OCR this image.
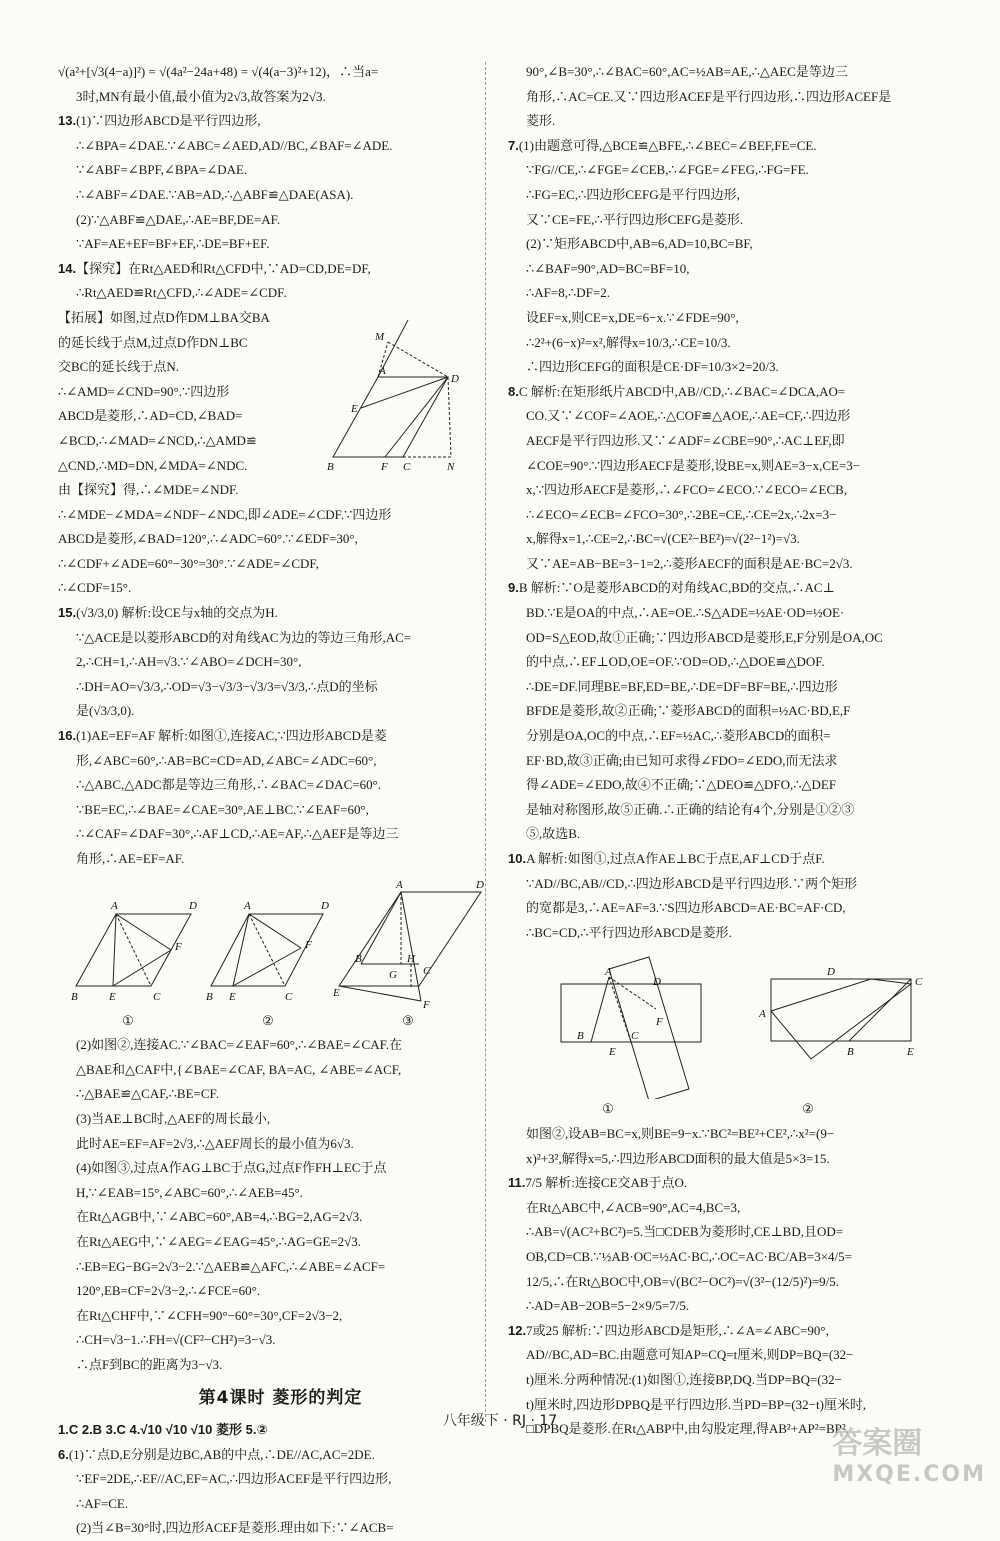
√(a²+[√3(4−a)]²) = √(4a²−24a+48) = √(4(a−3)²+12)，∴当a=

3时,MN有最小值,最小值为2√3,故答案为2√3.

13.(1)∵四边形ABCD是平行四边形,

∴∠BPA=∠DAE.∵∠ABC=∠AED,AD//BC,∠BAF=∠ADE.

∵∠ABF=∠BPF,∠BPA=∠DAE.

∴∠ABF=∠DAE.∵AB=AD,∴△ABF≌△DAE(ASA).

(2)∵△ABF≌△DAE,∴AE=BF,DE=AF.

∵AF=AE+EF=BF+EF,∴DE=BF+EF.

14.【探究】在Rt△AED和Rt△CFD中,∵AD=CD,DE=DF,

∴Rt△AED≌Rt△CFD,∴∠ADE=∠CDF.

M
A
D
E
B	F C	N

【拓展】如图,过点D作DM⊥BA交BA

的延长线于点M,过点D作DN⊥BC

交BC的延长线于点N.

∴∠AMD=∠CND=90°.∵四边形

ABCD是菱形,∴AD=CD,∠BAD=

∠BCD,∴∠MAD=∠NCD,∴△AMD≌

△CND,∴MD=DN,∠MDA=∠NDC.

由【探究】得,∴∠MDE=∠NDF.

∴∠MDE−∠MDA=∠NDF−∠NDC,即∠ADE=∠CDF.∵四边形

ABCD是菱形,∠BAD=120°,∴∠ADC=60°.∵∠EDF=30°,

∴∠CDF+∠ADE=60°−30°=30°.∵∠ADE=∠CDF,

∴∠CDF=15°.

15.(√3/3,0) 解析:设CE与x轴的交点为H.

∵△ACE是以菱形ABCD的对角线AC为边的等边三角形,AC=

2,∴CH=1,∴AH=√3.∵∠ABO=∠DCH=30°,

∴DH=AO=√3/3,∴OD=√3−√3/3−√3/3=√3/3,∴点D的坐标

是(√3/3,0).

16.(1)AE=EF=AF 解析:如图①,连接AC,∵四边形ABCD是菱

形,∠ABC=60°,∴AB=BC=CD=AD,∠ABC=∠ADC=60°,

∴△ABC,△ADC都是等边三角形,∴∠BAC=∠DAC=60°.

∵BE=EC,∴∠BAE=∠CAE=30°,AE⊥BC.∵∠EAF=60°,

∴∠CAF=∠DAF=30°,∴AF⊥CD,∴AE=AF,∴△AEF是等边三

角形,∴AE=EF=AF.

A	D
B	E	C
F
A	D
B E	C
F
A	D
E
B
G
H
C
F
①	②	③

(2)如图②,连接AC.∵∠BAC=∠EAF=60°,∴∠BAE=∠CAF.在

△BAE和△CAF中,{∠BAE=∠CAF, BA=AC, ∠ABE=∠ACF,

∴△BAE≌△CAF,∴BE=CF.

(3)当AE⊥BC时,△AEF的周长最小,

此时AE=EF=AF=2√3,∴△AEF周长的最小值为6√3.

(4)如图③,过点A作AG⊥BC于点G,过点F作FH⊥EC于点

H,∵∠EAB=15°,∠ABC=60°,∴∠AEB=45°.

在Rt△AGB中,∵∠ABC=60°,AB=4,∴BG=2,AG=2√3.

在Rt△AEG中,∵∠AEG=∠EAG=45°,∴AG=GE=2√3.

∴EB=EG−BG=2√3−2.∵△AEB≌△AFC,∴∠ABE=∠ACF=

120°,EB=CF=2√3−2,∴∠FCE=60°.

在Rt△CHF中,∵∠CFH=90°−60°=30°,CF=2√3−2,

∴CH=√3−1.∴FH=√(CF²−CH²)=3−√3.

∴点F到BC的距离为3−√3.

第4课时 菱形的判定

1.C 2.B 3.C 4.√10 √10 √10 菱形 5.②

6.(1)∵点D,E分别是边BC,AB的中点,∴DE//AC,AC=2DE.

∵EF=2DE,∴EF//AC,EF=AC,∴四边形ACEF是平行四边形,

∴AF=CE.

(2)当∠B=30°时,四边形ACEF是菱形.理由如下:∵∠ACB=

90°,∠B=30°,∴∠BAC=60°,AC=½AB=AE,∴△AEC是等边三

角形,∴AC=CE.又∵四边形ACEF是平行四边形,∴四边形ACEF是

菱形.

7.(1)由题意可得,△BCE≌△BFE,∴∠BEC=∠BEF,FE=CE.

∵FG//CE,∴∠FGE=∠CEB,∴∠FGE=∠FEG,∴FG=FE.

∴FG=EC,∴四边形CEFG是平行四边形,

又∵CE=FE,∴平行四边形CEFG是菱形.

(2)∵矩形ABCD中,AB=6,AD=10,BC=BF,

∴∠BAF=90°,AD=BC=BF=10,

∴AF=8,∴DF=2.

设EF=x,则CE=x,DE=6−x.∵∠FDE=90°,

∴2²+(6−x)²=x²,解得x=10/3,∴CE=10/3.

∴四边形CEFG的面积是CE·DF=10/3×2=20/3.

8.C 解析:在矩形纸片ABCD中,AB//CD,∴∠BAC=∠DCA,AO=

CO.又∵∠COF=∠AOE,∴△COF≌△AOE,∴AE=CF,∴四边形

AECF是平行四边形.又∵∠ADF=∠CBE=90°,∴AC⊥EF,即

∠COE=90°.∵四边形AECF是菱形,设BE=x,则AE=3−x,CE=3−

x,∵四边形AECF是菱形,∴∠FCO=∠ECO.∵∠ECO=∠ECB,

∴∠ECO=∠ECB=∠FCO=30°,∴2BE=CE,∴CE=2x,∴2x=3−

x,解得x=1,∴CE=2,∴BC=√(CE²−BE²)=√(2²−1²)=√3.

又∵AE=AB−BE=3−1=2,∴菱形AECF的面积是AE·BC=2√3.

9.B 解析:∵O是菱形ABCD的对角线AC,BD的交点,∴AC⊥

BD.∵E是OA的中点,∴AE=OE.∴S△ADE=½AE·OD=½OE·

OD=S△EOD,故①正确;∵四边形ABCD是菱形,E,F分别是OA,OC

的中点,∴EF⊥OD,OE=OF.∵OD=OD,∴△DOE≌△DOF.

∴DE=DF.同理BE=BF,ED=BE,∴DE=DF=BF=BE,∴四边形

BFDE是菱形,故②正确;∵菱形ABCD的面积=½AC·BD,E,F

分别是OA,OC的中点,∴EF=½AC,∴菱形ABCD的面积=

EF·BD,故③正确;由已知可求得∠FDO=∠EDO,而无法求

得∠ADE=∠EDO,故④不正确;∵△DEO≌△DFO,∴△DEF

是轴对称图形,故⑤正确.∴正确的结论有4个,分别是①②③

⑤,故选B.

10.A 解析:如图①,过点A作AE⊥BC于点E,AF⊥CD于点F.

∵AD//BC,AB//CD,∴四边形ABCD是平行四边形.∵两个矩形

的宽都是3,∴AE=AF=3.∵S四边形ABCD=AE·BC=AF·CD,

∴BC=CD,∴平行四边形ABCD是菱形.

A
D
B	C
F
E
A
D
C
B	E
①	②

如图②,设AB=BC=x,则BE=9−x.∵BC²=BE²+CE²,∴x²=(9−

x)²+3²,解得x=5,∴四边形ABCD面积的最大值是5×3=15.

11.7/5 解析:连接CE交AB于点O.

在Rt△ABC中,∠ACB=90°,AC=4,BC=3,

∴AB=√(AC²+BC²)=5.当□CDEB为菱形时,CE⊥BD,且OD=

OB,CD=CB.∵½AB·OC=½AC·BC,∴OC=AC·BC/AB=3×4/5=

12/5,∴在Rt△BOC中,OB=√(BC²−OC²)=√(3²−(12/5)²)=9/5.

∴AD=AB−2OB=5−2×9/5=7/5.

12.7或25 解析:∵四边形ABCD是矩形,∴∠A=∠ABC=90°,

AD//BC,AD=BC.由题意可知AP=CQ=t厘米,则DP=BQ=(32−

t)厘米.分两种情况:(1)如图①,连接BP,DQ.当DP=BQ=(32−

t)厘米时,四边形DPBQ是平行四边形.当PD=BP=(32−t)厘米时,

□DPBQ是菱形.在Rt△ABP中,由勾股定理,得AB²+AP²=BP²,

八年级下 · RJ · 17
答案圈
MXQE.COM
